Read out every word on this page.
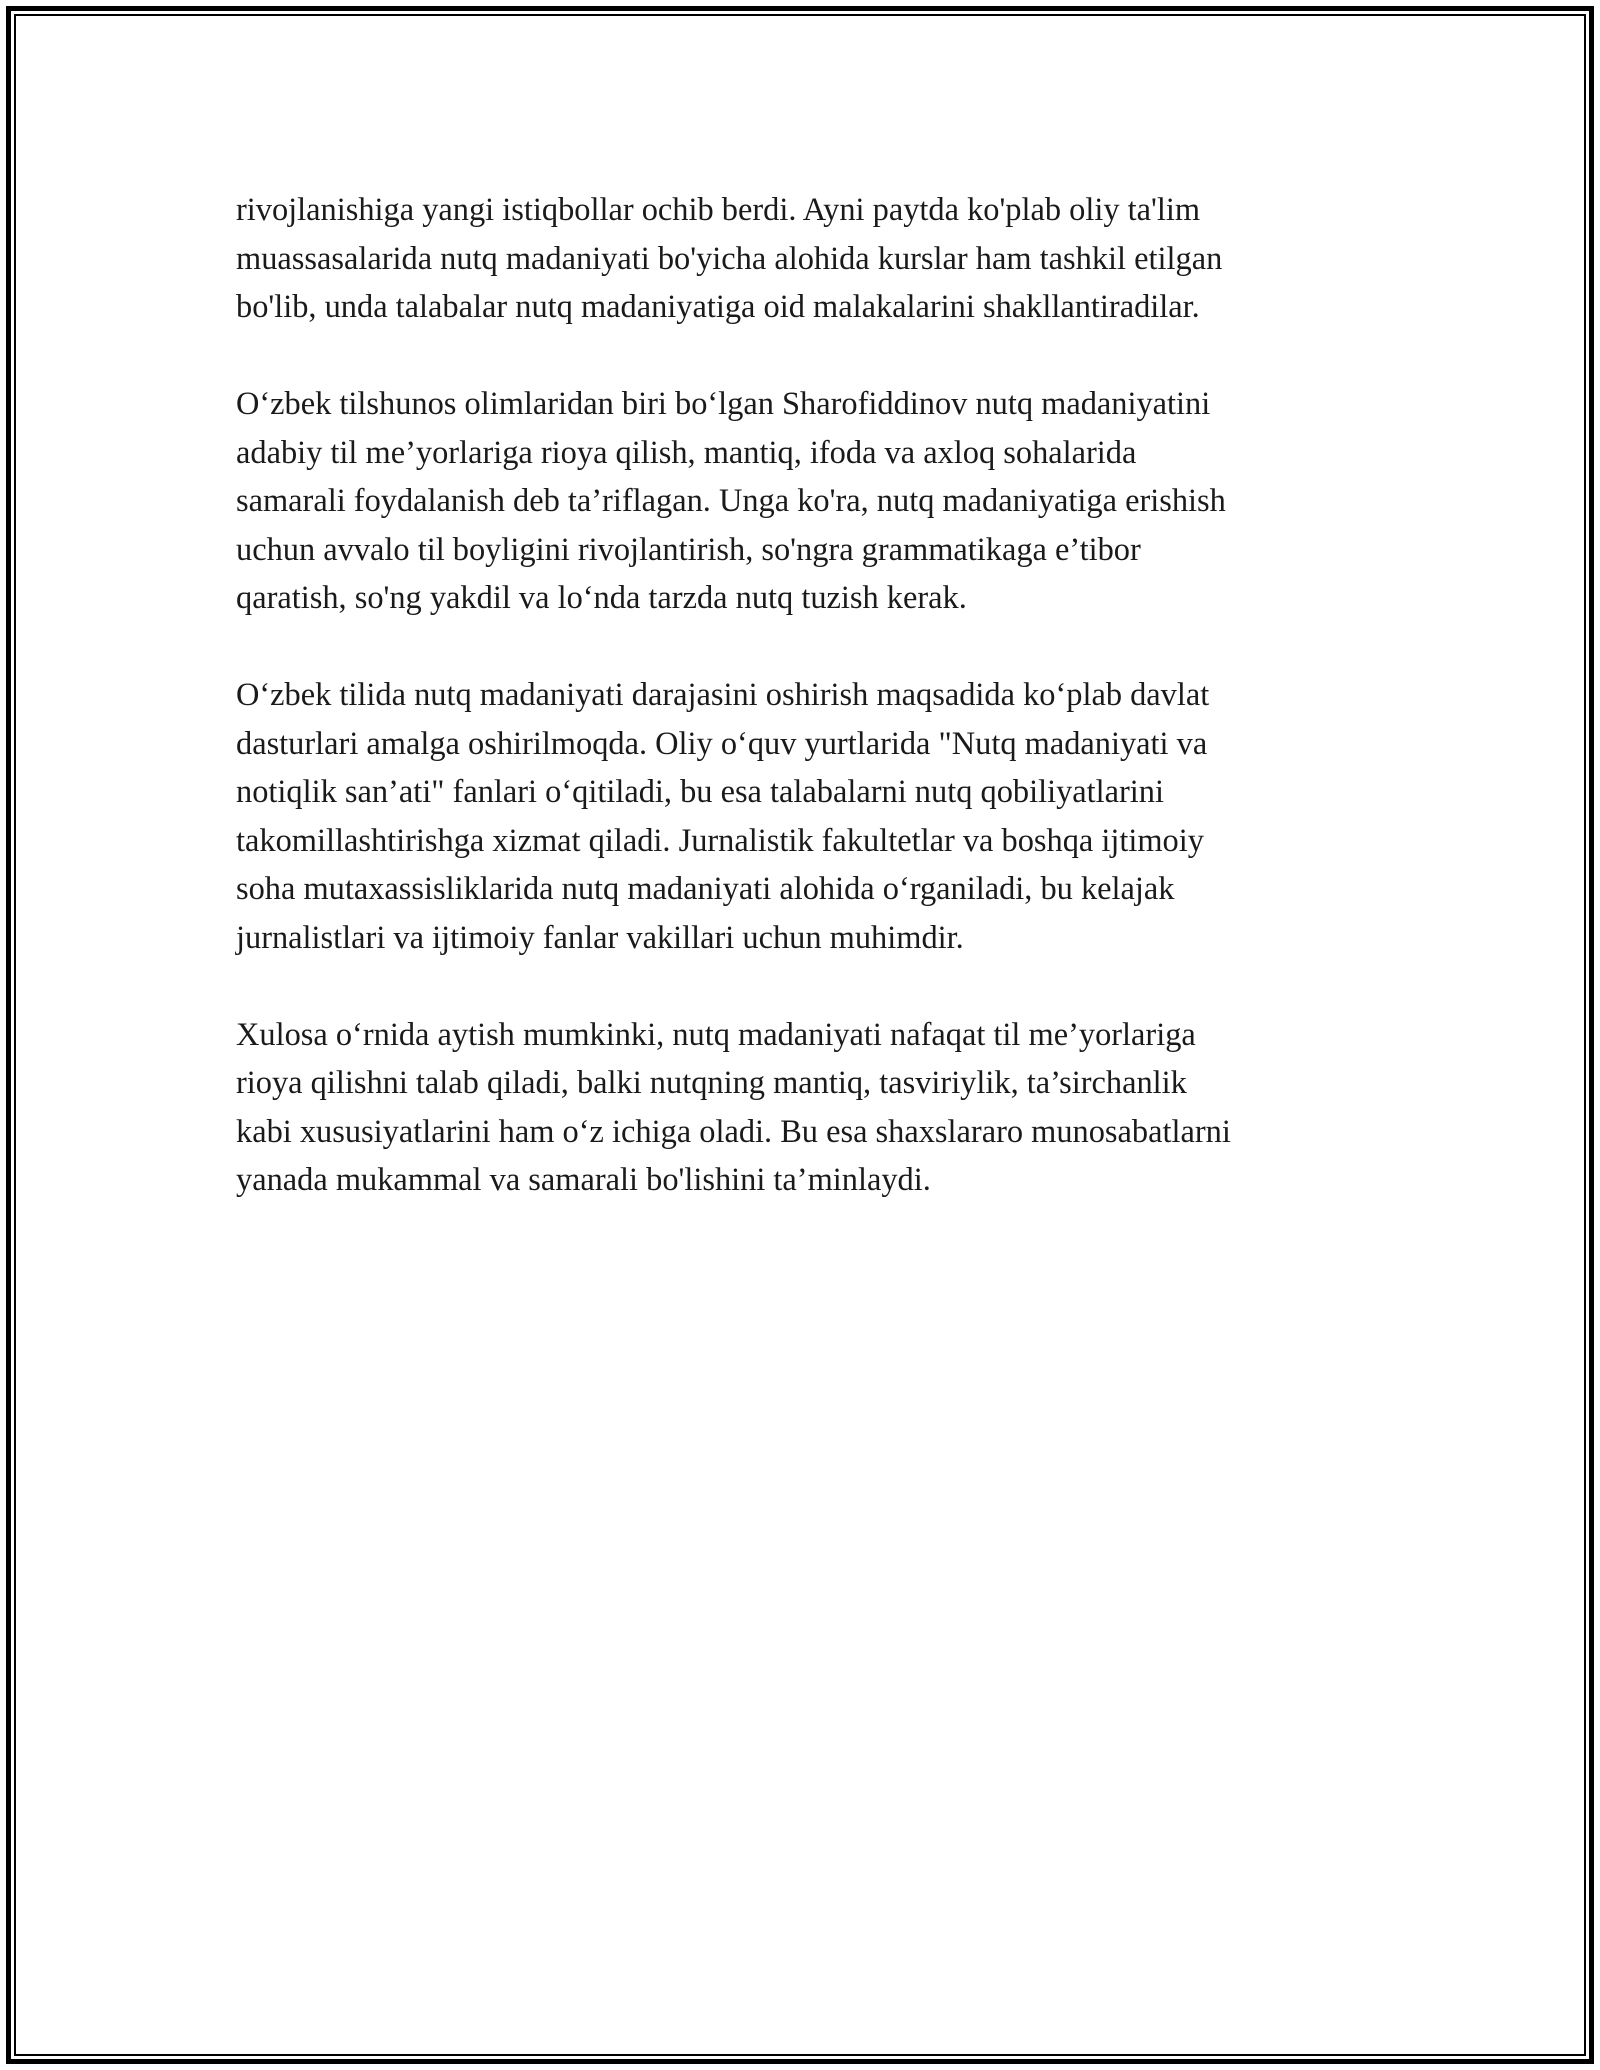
rivojlanishiga yangi istiqbollar ochib berdi. Ayni paytda ko'plab oliy ta'lim
muassasalarida nutq madaniyati bo'yicha alohida kurslar ham tashkil etilgan
bo'lib, unda talabalar nutq madaniyatiga oid malakalarini shakllantiradilar.

O‘zbek tilshunos olimlaridan biri bo‘lgan Sharofiddinov nutq madaniyatini
adabiy til me’yorlariga rioya qilish, mantiq, ifoda va axloq sohalarida
samarali foydalanish deb ta’riflagan. Unga ko'ra, nutq madaniyatiga erishish
uchun avvalo til boyligini rivojlantirish, so'ngra grammatikaga e’tibor
qaratish, so'ng yakdil va lo‘nda tarzda nutq tuzish kerak.

O‘zbek tilida nutq madaniyati darajasini oshirish maqsadida ko‘plab davlat
dasturlari amalga oshirilmoqda. Oliy o‘quv yurtlarida "Nutq madaniyati va
notiqlik san’ati" fanlari o‘qitiladi, bu esa talabalarni nutq qobiliyatlarini
takomillashtirishga xizmat qiladi. Jurnalistik fakultetlar va boshqa ijtimoiy
soha mutaxassisliklarida nutq madaniyati alohida o‘rganiladi, bu kelajak
jurnalistlari va ijtimoiy fanlar vakillari uchun muhimdir.

Xulosa o‘rnida aytish mumkinki, nutq madaniyati nafaqat til me’yorlariga
rioya qilishni talab qiladi, balki nutqning mantiq, tasviriylik, ta’sirchanlik
kabi xususiyatlarini ham o‘z ichiga oladi. Bu esa shaxslararo munosabatlarni
yanada mukammal va samarali bo'lishini ta’minlaydi.
